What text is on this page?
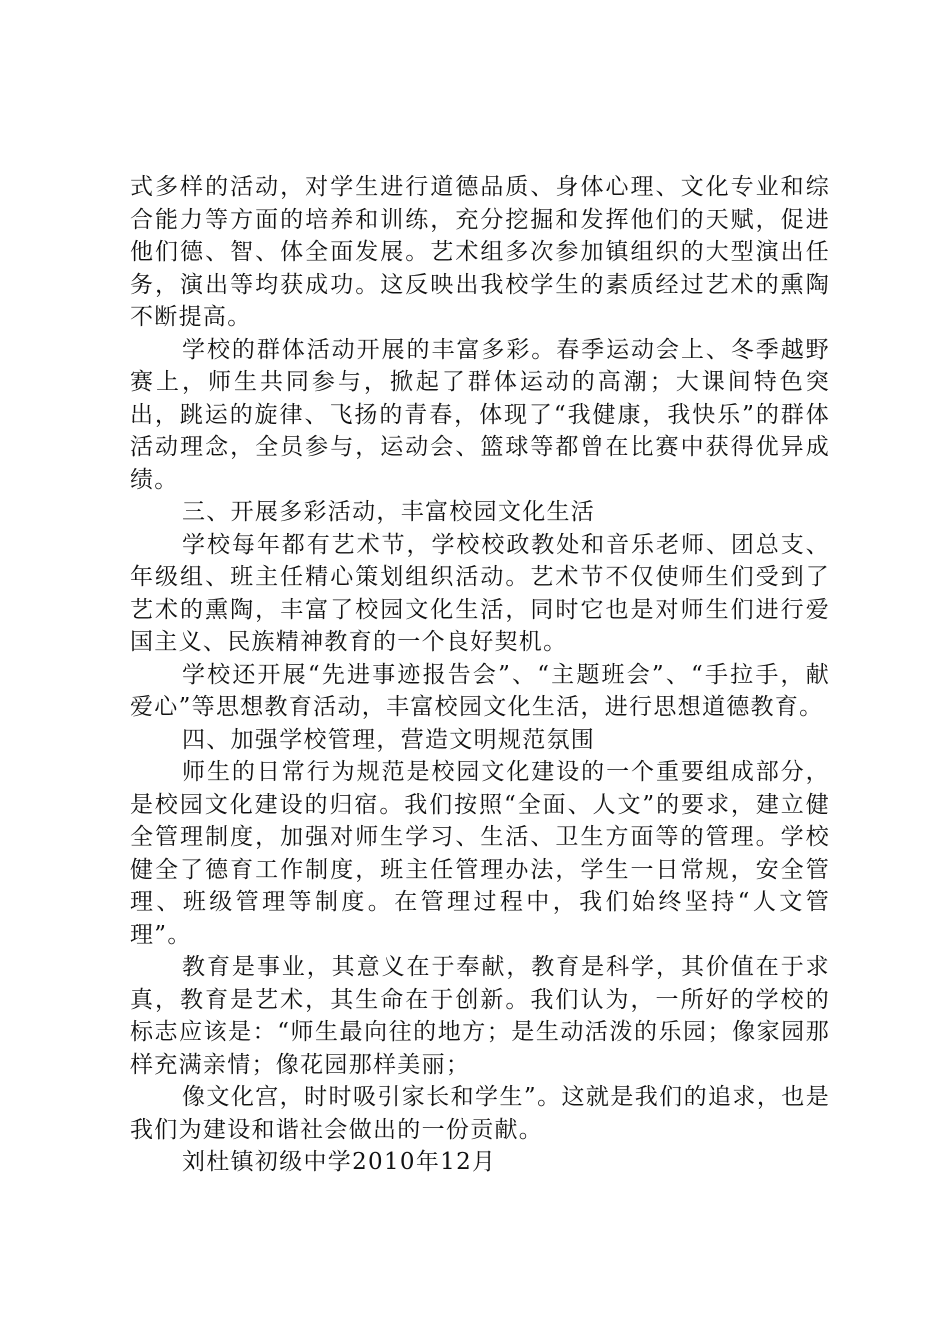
式多样的活动，对学生进行道德品质、身体心理、文化专业和综合能力等方面的培养和训练，充分挖掘和发挥他们的天赋，促进他们德、智、体全面发展。艺术组多次参加镇组织的大型演出任务，演出等均获成功。这反映出我校学生的素质经过艺术的熏陶不断提高。

学校的群体活动开展的丰富多彩。春季运动会上、冬季越野赛上，师生共同参与，掀起了群体运动的高潮；大课间特色突出，跳运的旋律、飞扬的青春，体现了“我健康，我快乐”的群体活动理念，全员参与，运动会、篮球等都曾在比赛中获得优异成绩。

三、开展多彩活动，丰富校园文化生活

学校每年都有艺术节，学校校政教处和音乐老师、团总支、年级组、班主任精心策划组织活动。艺术节不仅使师生们受到了艺术的熏陶，丰富了校园文化生活，同时它也是对师生们进行爱国主义、民族精神教育的一个良好契机。

学校还开展“先进事迹报告会”、“主题班会”、“手拉手，献爱心”等思想教育活动，丰富校园文化生活，进行思想道德教育。

四、加强学校管理，营造文明规范氛围

师生的日常行为规范是校园文化建设的一个重要组成部分，是校园文化建设的归宿。我们按照“全面、人文”的要求，建立健全管理制度，加强对师生学习、生活、卫生方面等的管理。学校健全了德育工作制度，班主任管理办法，学生一日常规，安全管理、班级管理等制度。在管理过程中，我们始终坚持“人文管理”。

教育是事业，其意义在于奉献，教育是科学，其价值在于求真，教育是艺术，其生命在于创新。我们认为，一所好的学校的标志应该是：“师生最向往的地方；是生动活泼的乐园；像家园那样充满亲情；像花园那样美丽；

像文化宫，时时吸引家长和学生”。这就是我们的追求，也是我们为建设和谐社会做出的一份贡献。

刘杜镇初级中学2010年12月
